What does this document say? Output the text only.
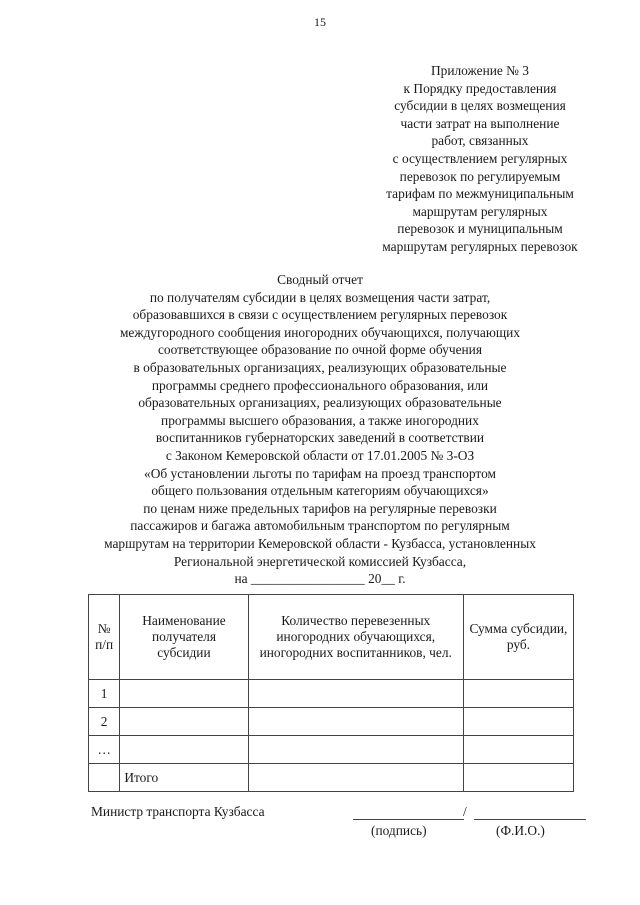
15
Приложение № 3
к Порядку предоставления
субсидии в целях возмещения
части затрат на выполнение
работ, связанных
с осуществлением регулярных
перевозок по регулируемым
тарифам по межмуниципальным
маршрутам регулярных
перевозок и муниципальным
маршрутам регулярных перевозок
Сводный отчет
по получателям субсидии в целях возмещения части затрат,
образовавшихся в связи с осуществлением регулярных перевозок
междугородного сообщения иногородних обучающихся, получающих
соответствующее образование по очной форме обучения
в образовательных организациях, реализующих образовательные
программы среднего профессионального образования, или
образовательных организациях, реализующих образовательные
программы высшего образования, а также иногородних
воспитанников губернаторских заведений в соответствии
с Законом Кемеровской области от 17.01.2005 № 3-ОЗ
«Об установлении льготы по тарифам на проезд транспортом
общего пользования отдельным категориям обучающихся»
по ценам ниже предельных тарифов на регулярные перевозки
пассажиров и багажа автомобильным транспортом по регулярным
маршрутам на территории Кемеровской области - Кузбасса, установленных
Региональной энергетической комиссией Кузбасса,
на _________________ 20__ г.
№ п/п	Наименование получателя субсидии	Количество перевезенных иногородних обучающихся, иногородних воспитанников, чел.	Сумма субсидии, руб.
1			
2			
…			
	Итого		
Министр транспорта Кузбасса	/
(подпись)	(Ф.И.О.)
